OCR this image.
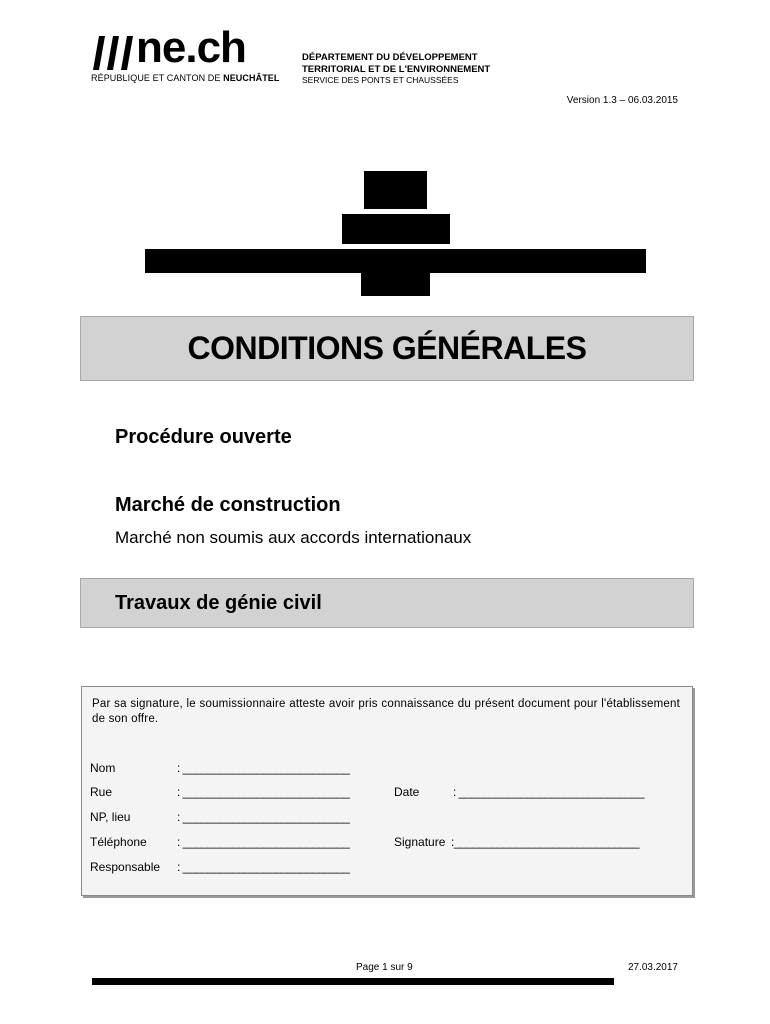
ne.ch
RÉPUBLIQUE ET CANTON DE NEUCHÂTEL
DÉPARTEMENT DU DÉVELOPPEMENT
TERRITORIAL ET DE L'ENVIRONNEMENT
SERVICE DES PONTS ET CHAUSSÉES
Version 1.3 – 06.03.2015
CONDITIONS GÉNÉRALES
Procédure ouverte
Marché de construction
Marché non soumis aux accords internationaux
Travaux de génie civil
Par sa signature, le soumissionnaire atteste avoir pris connaissance du présent document pour l'établissement de son offre.
Nom	: ___________________________
Rue	: ___________________________	Date	: ______________________________
NP, lieu	: ___________________________
Téléphone	: ___________________________	Signature :______________________________
Responsable : ___________________________
Page 1 sur 9	27.03.2017
